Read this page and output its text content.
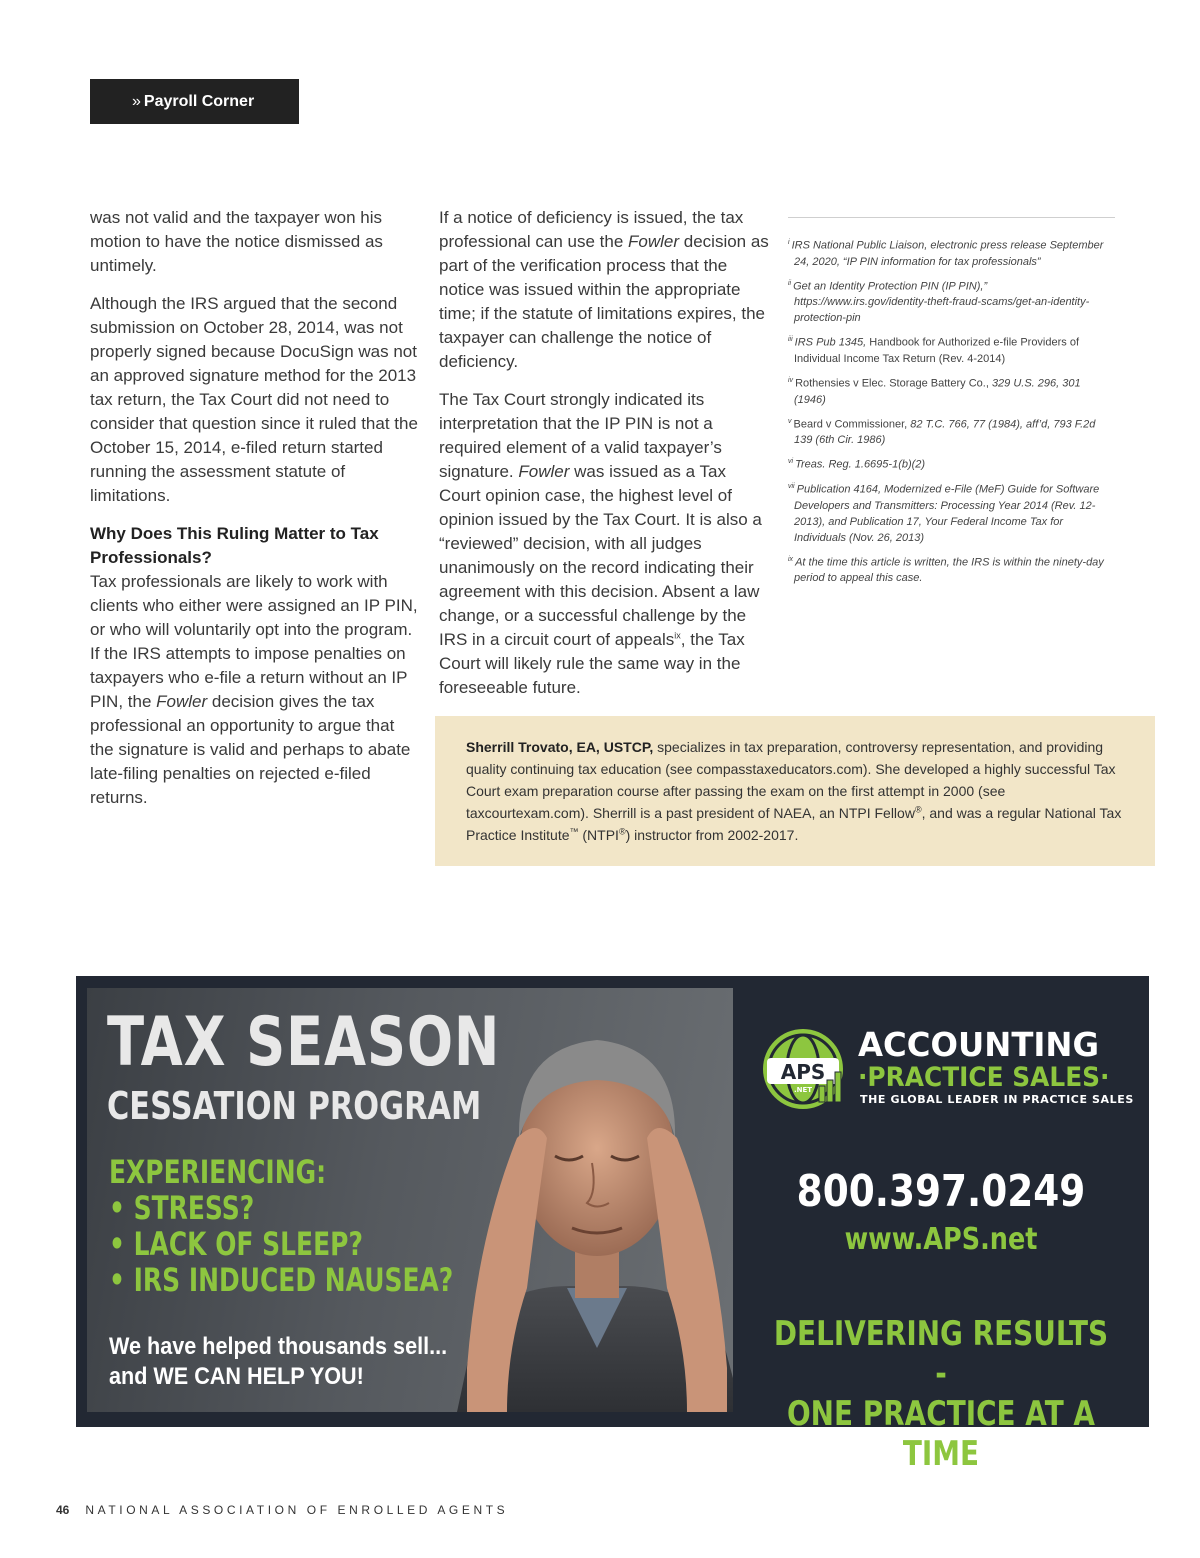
» Payroll Corner

was not valid and the taxpayer won his motion to have the notice dismissed as untimely.

Although the IRS argued that the second submission on October 28, 2014, was not properly signed because DocuSign was not an approved signature method for the 2013 tax return, the Tax Court did not need to consider that question since it ruled that the October 15, 2014, e-filed return started running the assessment statute of limitations.

Why Does This Ruling Matter to Tax Professionals?

Tax professionals are likely to work with clients who either were assigned an IP PIN, or who will voluntarily opt into the program. If the IRS attempts to impose penalties on taxpayers who e-file a return without an IP PIN, the Fowler decision gives the tax professional an opportunity to argue that the signature is valid and perhaps to abate late-filing penalties on rejected e-filed returns.

If a notice of deficiency is issued, the tax professional can use the Fowler decision as part of the verification process that the notice was issued within the appropriate time; if the statute of limitations expires, the taxpayer can challenge the notice of deficiency.

The Tax Court strongly indicated its interpretation that the IP PIN is not a required element of a valid taxpayer’s signature. Fowler was issued as a Tax Court opinion case, the highest level of opinion issued by the Tax Court. It is also a “reviewed” decision, with all judges unanimously on the record indicating their agreement with this decision. Absent a law change, or a successful challenge by the IRS in a circuit court of appeals$^{ix}$, the Tax Court will likely rule the same way in the foreseeable future.

$^i$ IRS National Public Liaison, electronic press release September 24, 2020, “IP PIN information for tax professionals”
$^{ii}$ Get an Identity Protection PIN (IP PIN),” https://www.irs.gov/identity-theft-fraud-scams/get-an-identity-protection-pin
$^{iii}$ IRS Pub 1345, Handbook for Authorized e-file Providers of Individual Income Tax Return (Rev. 4-2014)
$^{iv}$ Rothensies v Elec. Storage Battery Co., 329 U.S. 296, 301 (1946)
$^v$ Beard v Commissioner, 82 T.C. 766, 77 (1984), aff’d, 793 F.2d 139 (6th Cir. 1986)
$^{vi}$ Treas. Reg. 1.6695-1(b)(2)
$^{vii}$ Publication 4164, Modernized e-File (MeF) Guide for Software Developers and Transmitters: Processing Year 2014 (Rev. 12-2013), and Publication 17, Your Federal Income Tax for Individuals (Nov. 26, 2013)
$^{ix}$ At the time this article is written, the IRS is within the ninety-day period to appeal this case.
Sherrill Trovato, EA, USTCP, specializes in tax preparation, controversy representation, and providing quality continuing tax education (see compasstaxeducators.com). She developed a highly successful Tax Court exam preparation course after passing the exam on the first attempt in 2000 (see taxcourtexam.com). Sherrill is a past president of NAEA, an NTPI Fellow®, and was a regular National Tax Practice Institute™ (NTPI®) instructor from 2002-2017.
TAX SEASON
CESSATION PROGRAM
EXPERIENCING:
• STRESS?
• LACK OF SLEEP?
• IRS INDUCED NAUSEA?
We have helped thousands sell...
and WE CAN HELP YOU!
APS
.NET
ACCOUNTING
·PRACTICE SALES·
THE GLOBAL LEADER IN PRACTICE SALES
800.397.0249
www.APS.net
DELIVERING RESULTS -
ONE PRACTICE AT A TIME
46 NATIONAL ASSOCIATION OF ENROLLED AGENTS
